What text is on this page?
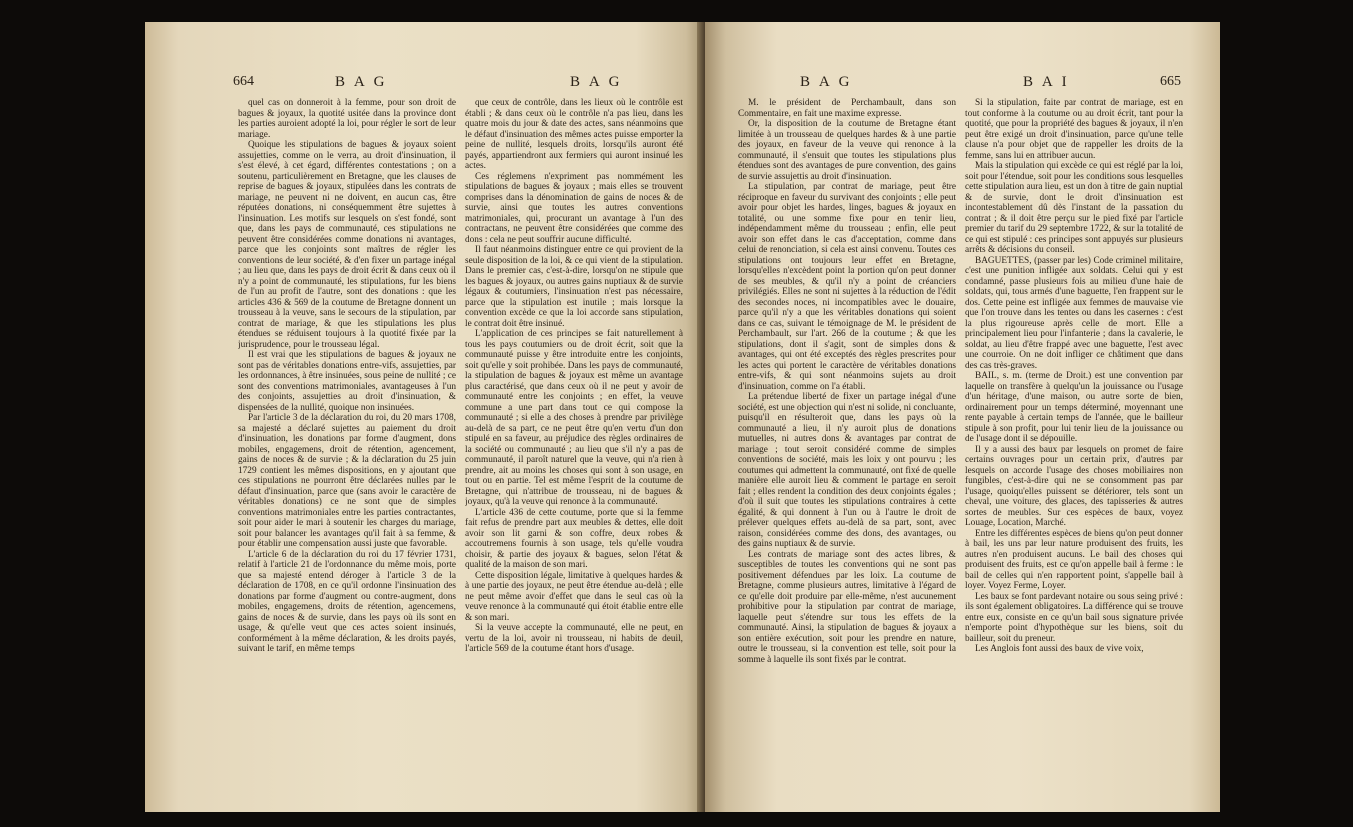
664	B A G	B A G

quel cas on donneroit à la femme, pour son droit de bagues & joyaux, la quotité usitée dans la province dont les parties auroient adopté la loi, pour régler le sort de leur mariage.

Quoique les stipulations de bagues & joyaux soient assujetties, comme on le verra, au droit d'insinuation, il s'est élevé, à cet égard, différentes contestations ; on a soutenu, particulièrement en Bretagne, que les clauses de reprise de bagues & joyaux, stipulées dans les contrats de mariage, ne peuvent ni ne doivent, en aucun cas, être réputées donations, ni conséquemment être sujettes à l'insinuation. Les motifs sur lesquels on s'est fondé, sont que, dans les pays de communauté, ces stipulations ne peuvent être considérées comme donations ni avantages, parce que les conjoints sont maîtres de régler les conventions de leur société, & d'en fixer un partage inégal ; au lieu que, dans les pays de droit écrit & dans ceux où il n'y a point de communauté, les stipulations, fur les biens de l'un au profit de l'autre, sont des donations : que les articles 436 & 569 de la coutume de Bretagne donnent un trousseau à la veuve, sans le secours de la stipulation, par contrat de mariage, & que les stipulations les plus étendues se réduisent toujours à la quotité fixée par la jurisprudence, pour le trousseau légal.

Il est vrai que les stipulations de bagues & joyaux ne sont pas de véritables donations entre-vifs, assujetties, par les ordonnances, à être insinuées, sous peine de nullité ; ce sont des conventions matrimoniales, avantageuses à l'un des conjoints, assujetties au droit d'insinuation, & dispensées de la nullité, quoique non insinuées.

Par l'article 3 de la déclaration du roi, du 20 mars 1708, sa majesté a déclaré sujettes au paiement du droit d'insinuation, les donations par forme d'augment, dons mobiles, engagemens, droit de rétention, agencement, gains de noces & de survie ; & la déclaration du 25 juin 1729 contient les mêmes dispositions, en y ajoutant que ces stipulations ne pourront être déclarées nulles par le défaut d'insinuation, parce que (sans avoir le caractère de véritables donations) ce ne sont que de simples conventions matrimoniales entre les parties contractantes, soit pour aider le mari à soutenir les charges du mariage, soit pour balancer les avantages qu'il fait à sa femme, & pour établir une compensation aussi juste que favorable.

L'article 6 de la déclaration du roi du 17 février 1731, relatif à l'article 21 de l'ordonnance du même mois, porte que sa majesté entend déroger à l'article 3 de la déclaration de 1708, en ce qu'il ordonne l'insinuation des donations par forme d'augment ou contre-augment, dons mobiles, engagemens, droits de rétention, agencemens, gains de noces & de survie, dans les pays où ils sont en usage, & qu'elle veut que ces actes soient insinués, conformément à la même déclaration, & les droits payés, suivant le tarif, en même temps

que ceux de contrôle, dans les lieux où le contrôle est établi ; & dans ceux où le contrôle n'a pas lieu, dans les quatre mois du jour & date des actes, sans néanmoins que le défaut d'insinuation des mêmes actes puisse emporter la peine de nullité, lesquels droits, lorsqu'ils auront été payés, appartiendront aux fermiers qui auront insinué les actes.

Ces réglemens n'expriment pas nommément les stipulations de bagues & joyaux ; mais elles se trouvent comprises dans la dénomination de gains de noces & de survie, ainsi que toutes les autres conventions matrimoniales, qui, procurant un avantage à l'un des contractans, ne peuvent être considérées que comme des dons : cela ne peut souffrir aucune difficulté.

Il faut néanmoins distinguer entre ce qui provient de la seule disposition de la loi, & ce qui vient de la stipulation. Dans le premier cas, c'est-à-dire, lorsqu'on ne stipule que les bagues & joyaux, ou autres gains nuptiaux & de survie légaux & coutumiers, l'insinuation n'est pas nécessaire, parce que la stipulation est inutile ; mais lorsque la convention excède ce que la loi accorde sans stipulation, le contrat doit être insinué.

L'application de ces principes se fait naturellement à tous les pays coutumiers ou de droit écrit, soit que la communauté puisse y être introduite entre les conjoints, soit qu'elle y soit prohibée. Dans les pays de communauté, la stipulation de bagues & joyaux est même un avantage plus caractérisé, que dans ceux où il ne peut y avoir de communauté entre les conjoints ; en effet, la veuve commune a une part dans tout ce qui compose la communauté ; si elle a des choses à prendre par privilège au-delà de sa part, ce ne peut être qu'en vertu d'un don stipulé en sa faveur, au préjudice des règles ordinaires de la société ou communauté ; au lieu que s'il n'y a pas de communauté, il paroît naturel que la veuve, qui n'a rien à prendre, ait au moins les choses qui sont à son usage, en tout ou en partie. Tel est même l'esprit de la coutume de Bretagne, qui n'attribue de trousseau, ni de bagues & joyaux, qu'à la veuve qui renonce à la communauté.

L'article 436 de cette coutume, porte que si la femme fait refus de prendre part aux meubles & dettes, elle doit avoir son lit garni & son coffre, deux robes & accoutremens fournis à son usage, tels qu'elle voudra choisir, & partie des joyaux & bagues, selon l'état & qualité de la maison de son mari.

Cette disposition légale, limitative à quelques hardes & à une partie des joyaux, ne peut être étendue au-delà ; elle ne peut même avoir d'effet que dans le seul cas où la veuve renonce à la communauté qui étoit établie entre elle & son mari.

Si la veuve accepte la communauté, elle ne peut, en vertu de la loi, avoir ni trousseau, ni habits de deuil, l'article 569 de la coutume étant hors d'usage.

B A G	B A I	665

M. le président de Perchambault, dans son Commentaire, en fait une maxime expresse.

Or, la disposition de la coutume de Bretagne étant limitée à un trousseau de quelques hardes & à une partie des joyaux, en faveur de la veuve qui renonce à la communauté, il s'ensuit que toutes les stipulations plus étendues sont des avantages de pure convention, des gains de survie assujettis au droit d'insinuation.

La stipulation, par contrat de mariage, peut être réciproque en faveur du survivant des conjoints ; elle peut avoir pour objet les hardes, linges, bagues & joyaux en totalité, ou une somme fixe pour en tenir lieu, indépendamment même du trousseau ; enfin, elle peut avoir son effet dans le cas d'acceptation, comme dans celui de renonciation, si cela est ainsi convenu. Toutes ces stipulations ont toujours leur effet en Bretagne, lorsqu'elles n'excèdent point la portion qu'on peut donner de ses meubles, & qu'il n'y a point de créanciers privilégiés. Elles ne sont ni sujettes à la réduction de l'édit des secondes noces, ni incompatibles avec le douaire, parce qu'il n'y a que les véritables donations qui soient dans ce cas, suivant le témoignage de M. le président de Perchambault, sur l'art. 266 de la coutume ; & que les stipulations, dont il s'agit, sont de simples dons & avantages, qui ont été exceptés des règles prescrites pour les actes qui portent le caractère de véritables donations entre-vifs, & qui sont néanmoins sujets au droit d'insinuation, comme on l'a établi.

La prétendue liberté de fixer un partage inégal d'une société, est une objection qui n'est ni solide, ni concluante, puisqu'il en résulteroit que, dans les pays où la communauté a lieu, il n'y auroit plus de donations mutuelles, ni autres dons & avantages par contrat de mariage ; tout seroit considéré comme de simples conventions de société, mais les loix y ont pourvu ; les coutumes qui admettent la communauté, ont fixé de quelle manière elle auroit lieu & comment le partage en seroit fait ; elles rendent la condition des deux conjoints égales ; d'où il suit que toutes les stipulations contraires à cette égalité, & qui donnent à l'un ou à l'autre le droit de prélever quelques effets au-delà de sa part, sont, avec raison, considérées comme des dons, des avantages, ou des gains nuptiaux & de survie.

Les contrats de mariage sont des actes libres, & susceptibles de toutes les conventions qui ne sont pas positivement défendues par les loix. La coutume de Bretagne, comme plusieurs autres, limitative à l'égard de ce qu'elle doit produire par elle-même, n'est aucunement prohibitive pour la stipulation par contrat de mariage, laquelle peut s'étendre sur tous les effets de la communauté. Ainsi, la stipulation de bagues & joyaux a son entière exécution, soit pour les prendre en nature, outre le trousseau, si la convention est telle, soit pour la somme à laquelle ils sont fixés par le contrat.

Si la stipulation, faite par contrat de mariage, est en tout conforme à la coutume ou au droit écrit, tant pour la quotité, que pour la propriété des bagues & joyaux, il n'en peut être exigé un droit d'insinuation, parce qu'une telle clause n'a pour objet que de rappeller les droits de la femme, sans lui en attribuer aucun.

Mais la stipulation qui excède ce qui est réglé par la loi, soit pour l'étendue, soit pour les conditions sous lesquelles cette stipulation aura lieu, est un don à titre de gain nuptial & de survie, dont le droit d'insinuation est incontestablement dû dès l'instant de la passation du contrat ; & il doit être perçu sur le pied fixé par l'article premier du tarif du 29 septembre 1722, & sur la totalité de ce qui est stipulé : ces principes sont appuyés sur plusieurs arrêts & décisions du conseil.

BAGUETTES, (passer par les) Code criminel militaire, c'est une punition infligée aux soldats. Celui qui y est condamné, passe plusieurs fois au milieu d'une haie de soldats, qui, tous armés d'une baguette, l'en frappent sur le dos. Cette peine est infligée aux femmes de mauvaise vie que l'on trouve dans les tentes ou dans les casernes : c'est la plus rigoureuse après celle de mort. Elle a principalement lieu pour l'infanterie ; dans la cavalerie, le soldat, au lieu d'être frappé avec une baguette, l'est avec une courroie. On ne doit infliger ce châtiment que dans des cas très-graves.

BAIL, s. m. (terme de Droit.) est une convention par laquelle on transfère à quelqu'un la jouissance ou l'usage d'un héritage, d'une maison, ou autre sorte de bien, ordinairement pour un temps déterminé, moyennant une rente payable à certain temps de l'année, que le bailleur stipule à son profit, pour lui tenir lieu de la jouissance ou de l'usage dont il se dépouille.

Il y a aussi des baux par lesquels on promet de faire certains ouvrages pour un certain prix, d'autres par lesquels on accorde l'usage des choses mobiliaires non fungibles, c'est-à-dire qui ne se consomment pas par l'usage, quoiqu'elles puissent se détériorer, tels sont un cheval, une voiture, des glaces, des tapisseries & autres sortes de meubles. Sur ces espèces de baux, voyez Louage, Location, Marché.

Entre les différentes espèces de biens qu'on peut donner à bail, les uns par leur nature produisent des fruits, les autres n'en produisent aucuns. Le bail des choses qui produisent des fruits, est ce qu'on appelle bail à ferme : le bail de celles qui n'en rapportent point, s'appelle bail à loyer. Voyez Ferme, Loyer.

Les baux se font pardevant notaire ou sous seing privé : ils sont également obligatoires. La différence qui se trouve entre eux, consiste en ce qu'un bail sous signature privée n'emporte point d'hypothèque sur les biens, soit du bailleur, soit du preneur.

Les Anglois font aussi des baux de vive voix,
